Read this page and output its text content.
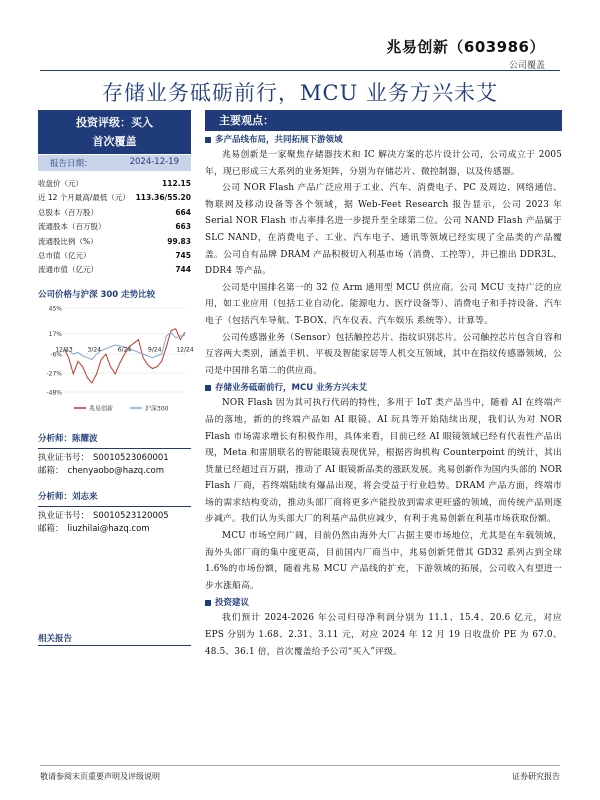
兆易创新（603986）
公司覆盖
存储业务砥砺前行，MCU 业务方兴未艾
投资评级：买入
首次覆盖
报告日期：	2024-12-19
收盘价（元）	112.15
近 12 个月最高/最低（元） 113.36/55.20
总股本（百万股）	664
流通股本（百万股）	663
流通股比例（%）	99.83
总市值（亿元）	745
流通市值（亿元）	744
公司价格与沪深 300 走势比较
45%
17%
-6%
-27%
-48%
12/23 3/24	6/24	9/24 12/24
兆易创新	沪深300
分析师：陈耀波
执业证书号： S0010523060001
邮箱： chenyaobo@hazq.com
分析师：刘志来
执业证书号： S0010523120005
邮箱： liuzhilai@hazq.com
相关报告
主要观点：
多产品线布局，共同拓展下游领域
兆易创新是一家聚焦存储器技术和 IC 解决方案的芯片设计公司，公司成立于 2005 年，现已形成三大系列的业务矩阵，分别为存储芯片、微控制器，以及传感器。
公司 NOR Flash 产品广泛应用于工业、汽车、消费电子、PC 及周边、网络通信、物联网及移动设备等各个领域，据 Web-Feet Research 报告显示，公司 2023 年 Serial NOR Flash 市占率排名进一步提升至全球第二位。公司 NAND Flash 产品属于 SLC NAND，在消费电子、工业、汽车电子、通讯等领域已经实现了全品类的产品覆盖。公司自有品牌 DRAM 产品积极切入利基市场（消费、工控等），并已推出 DDR3L、DDR4 等产品。
公司是中国排名第一的 32 位 Arm 通用型 MCU 供应商。公司 MCU 支持广泛的应用，如工业应用（包括工业自动化、能源电力、医疗设备等）、消费电子和手持设备、汽车电子（包括汽车导航、T-BOX、汽车仪表、汽车娱乐 系统等）、计算等。
公司传感器业务（Sensor）包括触控芯片、指纹识别芯片。公司触控芯片包含自容和互容两大类别，涵盖手机、平板及智能家居等人机交互领域，其中在指纹传感器领域，公司是中国排名第二的供应商。
存储业务砥砺前行，MCU 业务方兴未艾
NOR Flash 因为其可执行代码的特性，多用于 IoT 类产品当中，随着 AI 在终端产品的落地，新的的终端产品如 AI 眼镜、AI 玩具等开始陆续出现，我们认为对 NOR Flash 市场需求增长有积极作用，具体来看，目前已经 AI 眼镜领域已经有代表性产品出现，Meta 和雷朋联名的智能眼镜表现优异，根据咨询机构 Counterpoint 的统计，其出货量已经超过百万副，推动了 AI 眼镜新品类的涨跃发展。兆易创新作为国内头部的 NOR Flash 厂商，若终端陆续有爆品出现，将会受益于行业趋势。DRAM 产品方面，终端市场的需求结构变动，推动头部厂商将更多产能投放到需求更旺盛的领域，而传统产品则逐步减产。我们认为头部大厂的利基产品供应减少，有利于兆易创新在利基市场获取份额。
MCU 市场空间广阔，目前仍然由海外大厂占据主要市场地位，尤其是在车载领域，海外头部厂商的集中度更高，目前国内厂商当中，兆易创新凭借其 GD32 系列占到全球 1.6%的市场份额，随着兆易 MCU 产品线的扩充，下游领域的拓展，公司收入有望进一步水涨船高。
投资建议
我们预计 2024-2026 年公司归母净利润分别为 11.1、15.4、20.6 亿元，对应 EPS 分别为 1.68、2.31、3.11 元，对应 2024 年 12 月 19 日收盘价 PE 为 67.0、48.5、36.1 倍，首次覆盖给予公司“买入”评级。
敬请参阅末页重要声明及评级说明	证券研究报告
